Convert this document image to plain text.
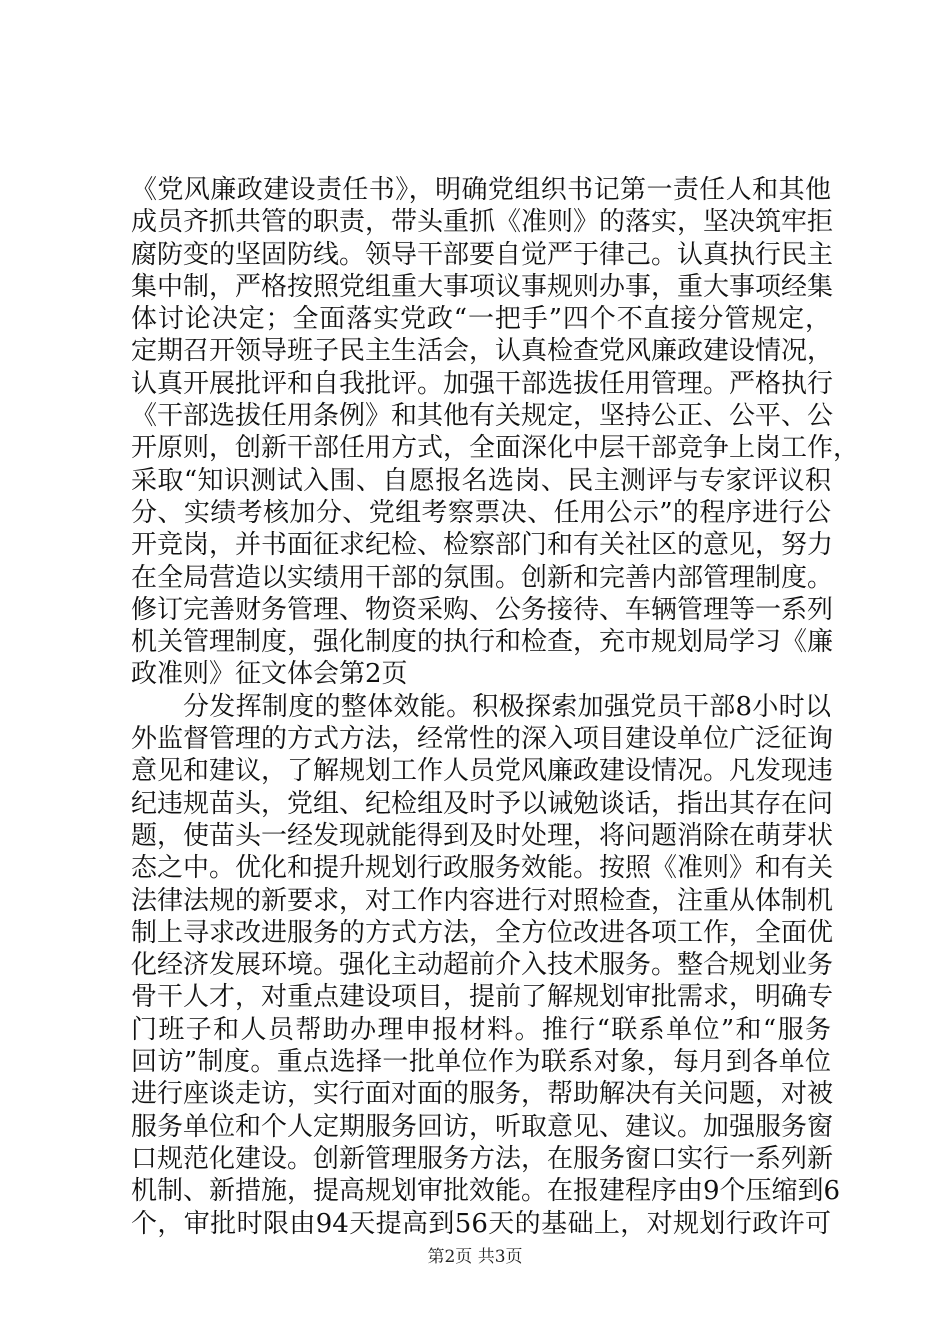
《党风廉政建设责任书》，明确党组织书记第一责任人和其他
成员齐抓共管的职责，带头重抓《准则》的落实，坚决筑牢拒
腐防变的坚固防线。领导干部要自觉严于律己。认真执行民主
集中制，严格按照党组重大事项议事规则办事，重大事项经集
体讨论决定；全面落实党政“一把手”四个不直接分管规定，
定期召开领导班子民主生活会，认真检查党风廉政建设情况，
认真开展批评和自我批评。加强干部选拔任用管理。严格执行
《干部选拔任用条例》和其他有关规定，坚持公正、公平、公
开原则，创新干部任用方式，全面深化中层干部竞争上岗工作，
采取“知识测试入围、自愿报名选岗、民主测评与专家评议积
分、实绩考核加分、党组考察票决、任用公示”的程序进行公
开竞岗，并书面征求纪检、检察部门和有关社区的意见，努力
在全局营造以实绩用干部的氛围。创新和完善内部管理制度。
修订完善财务管理、物资采购、公务接待、车辆管理等一系列
机关管理制度，强化制度的执行和检查，充市规划局学习《廉
政准则》征文体会第2页
分发挥制度的整体效能。积极探索加强党员干部8小时以
外监督管理的方式方法，经常性的深入项目建设单位广泛征询
意见和建议，了解规划工作人员党风廉政建设情况。凡发现违
纪违规苗头，党组、纪检组及时予以诫勉谈话，指出其存在问
题，使苗头一经发现就能得到及时处理，将问题消除在萌芽状
态之中。优化和提升规划行政服务效能。按照《准则》和有关
法律法规的新要求，对工作内容进行对照检查，注重从体制机
制上寻求改进服务的方式方法，全方位改进各项工作，全面优
化经济发展环境。强化主动超前介入技术服务。整合规划业务
骨干人才，对重点建设项目，提前了解规划审批需求，明确专
门班子和人员帮助办理申报材料。推行“联系单位”和“服务
回访”制度。重点选择一批单位作为联系对象，每月到各单位
进行座谈走访，实行面对面的服务，帮助解决有关问题，对被
服务单位和个人定期服务回访，听取意见、建议。加强服务窗
口规范化建设。创新管理服务方法，在服务窗口实行一系列新
机制、新措施，提高规划审批效能。在报建程序由9个压缩到6
个，审批时限由94天提高到56天的基础上，对规划行政许可
第2页 共3页
